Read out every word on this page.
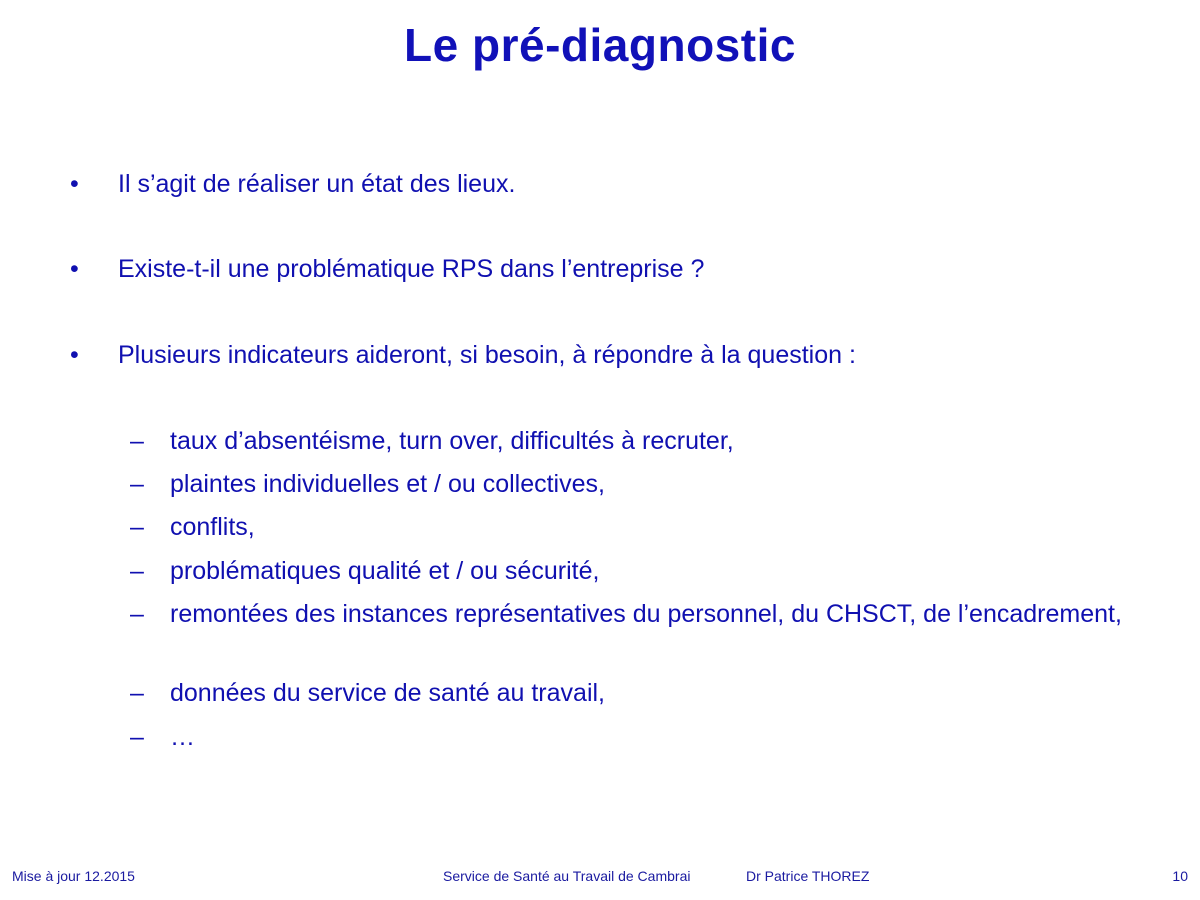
Le pré-diagnostic
•	Il s’agit de réaliser un état des lieux.
•	Existe-t-il une problématique RPS dans l’entreprise ?
•	Plusieurs indicateurs aideront, si besoin, à répondre à la question :
– taux d’absentéisme, turn over, difficultés à recruter,
– plaintes individuelles et / ou collectives,
– conflits,
– problématiques qualité et / ou sécurité,
– remontées des instances représentatives du personnel, du CHSCT, de l’encadrement,
– données du service de santé au travail,
– …
Mise à jour 12.2015	Service de Santé au Travail de Cambrai	Dr Patrice THOREZ	10
